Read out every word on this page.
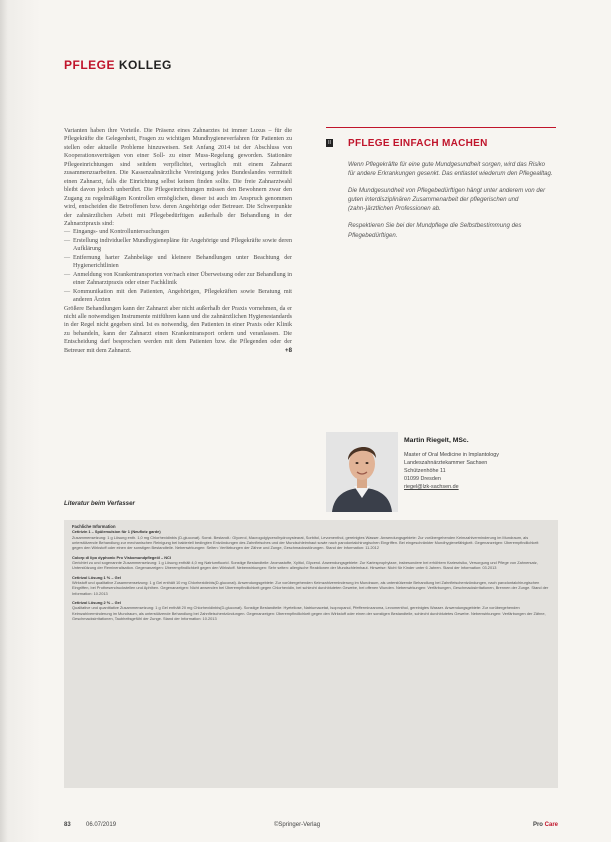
PFLEGE KOLLEG

Varianten haben ihre Vorteile. Die Präsenz eines Zahnarztes ist immer Luxus – für die Pflegekräfte die Gelegenheit, Fragen zu wichtigen Mundhygieneverfahren für Patienten zu stellen oder aktuelle Probleme hinzuweisen. Seit Anfang 2014 ist der Abschluss von Kooperationsverträgen von einer Soll- zu einer Muss-Regelung geworden. Stationäre Pflegeeinrichtungen sind seitdem verpflichtet, vertraglich mit einem Zahnarzt zusammenzuarbeiten. Die Kassenzahnärztliche Vereinigung jedes Bundeslandes vermittelt einen Zahnarzt, falls die Einrichtung selbst keinen finden sollte. Die freie Zahnarztwahl bleibt davon jedoch unberührt. Die Pflegeeinrichtungen müssen den Bewohnern zwar den Zugang zu regelmäßigen Kontrollen ermöglichen, dieser ist auch im Anspruch genommen wird, entscheiden die Betroffenen bzw. deren Angehörige oder Betreuer. Die Schwerpunkte der zahnärztlichen Arbeit mit Pflegebedürftigen außerhalb der Behandlung in der Zahnarztpraxis sind:

— Eingangs- und Kontrolluntersuchungen
— Erstellung individueller Mundhygienepläne für Angehörige und Pflegekräfte sowie deren Aufklärung
— Entfernung harter Zahnbeläge und kleinere Behandlungen unter Beachtung der Hygienerichtlinien
— Anmeldung von Krankentransporten vor/nach einer Überweisung oder zur Behandlung in einer Zahnarztpraxis oder einer Fachklinik
— Kommunikation mit den Patienten, Angehörigen, Pflegekräften sowie Beratung mit anderen Ärzten

Größere Behandlungen kann der Zahnarzt aber nicht außerhalb der Praxis vornehmen, da er nicht alle notwendigen Instrumente mitführen kann und die zahnärztlichen Hygienestandards in der Regel nicht gegeben sind. Ist es notwendig, den Patienten in einer Praxis oder Klinik zu behandeln, kann der Zahnarzt einen Krankentransport ordern und veranlassen. Die Entscheidung darf besprochen werden mit dem Patienten bzw. die Pflegenden oder der Betreuer mit dem Zahnarzt.	+8

Literatur beim Verfasser
II PFLEGE EINFACH MACHEN

Wenn Pflegekräfte für eine gute Mundgesundheit sorgen, wird das Risiko für andere Erkrankungen gesenkt. Das entlastet wiederum den Pflegealltag.

Die Mundgesundheit von Pflegebedürftigen hängt unter anderem von der guten interdisziplinären Zusammenarbeit der pflegerischen und (zahn-)ärztlichen Professionen ab.

Respektieren Sie bei der Mundpflege die Selbstbestimmung des Pflegebedürftigen.

Martin Riegelt, MSc.
Master of Oral Medicine in Implantology
Landeszahnärztekammer Sachsen
Schützenhöhe 11
01099 Dresden
riegel@lzk-sachsen.de
Fachliche Information
Cetirizin 1 – Spülemulsion für 1 (Neuflotz garde)
Zusammensetzung: 1 g Lösung enth. 1,0 mg Chlorhexidinbis (D-gluconat). Sonst. Bestandt.: Glycerol, Macrogolglycerolhydroxystearat, Sorbitol, Levomenthol, gereinigtes Wasser. Anwendungsgebiete: Zur vorübergehenden Keimzahlverminderung im Mundraum, als unterstützende Behandlung zur mechanischen Reinigung bei bakteriell bedingten Entzündungen des Zahnfleisches und der Mundschleimhaut sowie nach parodontalchirurgischen Eingriffen. Bei eingeschränkter Mundhygienefähigkeit. Gegenanzeigen: Überempfindlichkeit gegen den Wirkstoff oder einen der sonstigen Bestandteile. Nebenwirkungen: Selten: Verfärbungen der Zähne und Zunge, Geschmacksstörungen. Stand der Information: 11.2012
Colorp dl lipo dyphonic Pro Viskomundpflegeöl – NCI
Gerichtet zu und sogenannte Zusammensetzung: 1 g Lösung enthält 4,0 mg Natriumfluorid. Sonstige Bestandteile: Aromastoffe, Xylitol, Glycerol. Anwendungsgebiete: Zur Kariesprophylaxe, insbesondere bei erhöhtem Kariesrisiko, Versorgung und Pflege von Zahnersatz, Unterstützung der Remineralisation. Gegenanzeigen: Überempfindlichkeit gegen den Wirkstoff. Nebenwirkungen: Sehr selten: allergische Reaktionen der Mundschleimhaut. Hinweise: Nicht für Kinder unter 6 Jahren. Stand der Information: 03.2013
Cetirizol Lösung 1 % – Gel
Wirkstoff und qualitative Zusammensetzung: 1 g Gel enthält 10 mg Chlorhexidinbis(D-gluconat). Anwendungsgebiete: Zur vorübergehenden Keimzahlverminderung im Mundraum, als unterstützende Behandlung bei Zahnfleischentzündungen, nach parodontalchirurgischen Eingriffen, bei Prothesendruckstellen und Aphthen. Gegenanzeigen: Nicht anwenden bei Überempfindlichkeit gegen Chlorhexidin, bei schlecht durchbluteten Gewebe, bei offenen Wunden. Nebenwirkungen: Verfärbungen, Geschmacksirritationen, Brennen der Zunge. Stand der Information: 10.2013
Cetirizol Lösung 2 % – Gel
Qualitative und quantitative Zusammensetzung: 1 g Gel enthält 20 mg Chlorhexidinbis(D-gluconat). Sonstige Bestandteile: Hyetellose, Natriumacetat, Isopropanol, Pfefferminzaroma, Levomenthol, gereinigtes Wasser. Anwendungsgebiete: Zur vorübergehenden Keimzahlverminderung im Mundraum, als unterstützende Behandlung bei Zahnfleischentzündungen. Gegenanzeigen: Überempfindlichkeit gegen den Wirkstoff oder einen der sonstigen Bestandteile, schlecht durchblutetes Gewebe. Nebenwirkungen: Verfärbungen der Zähne, Geschmacksirritationen, Taubheitsgefühl der Zunge. Stand der Information: 10.2013
83	06.07/2019	©Springer-Verlag	Pro Care
